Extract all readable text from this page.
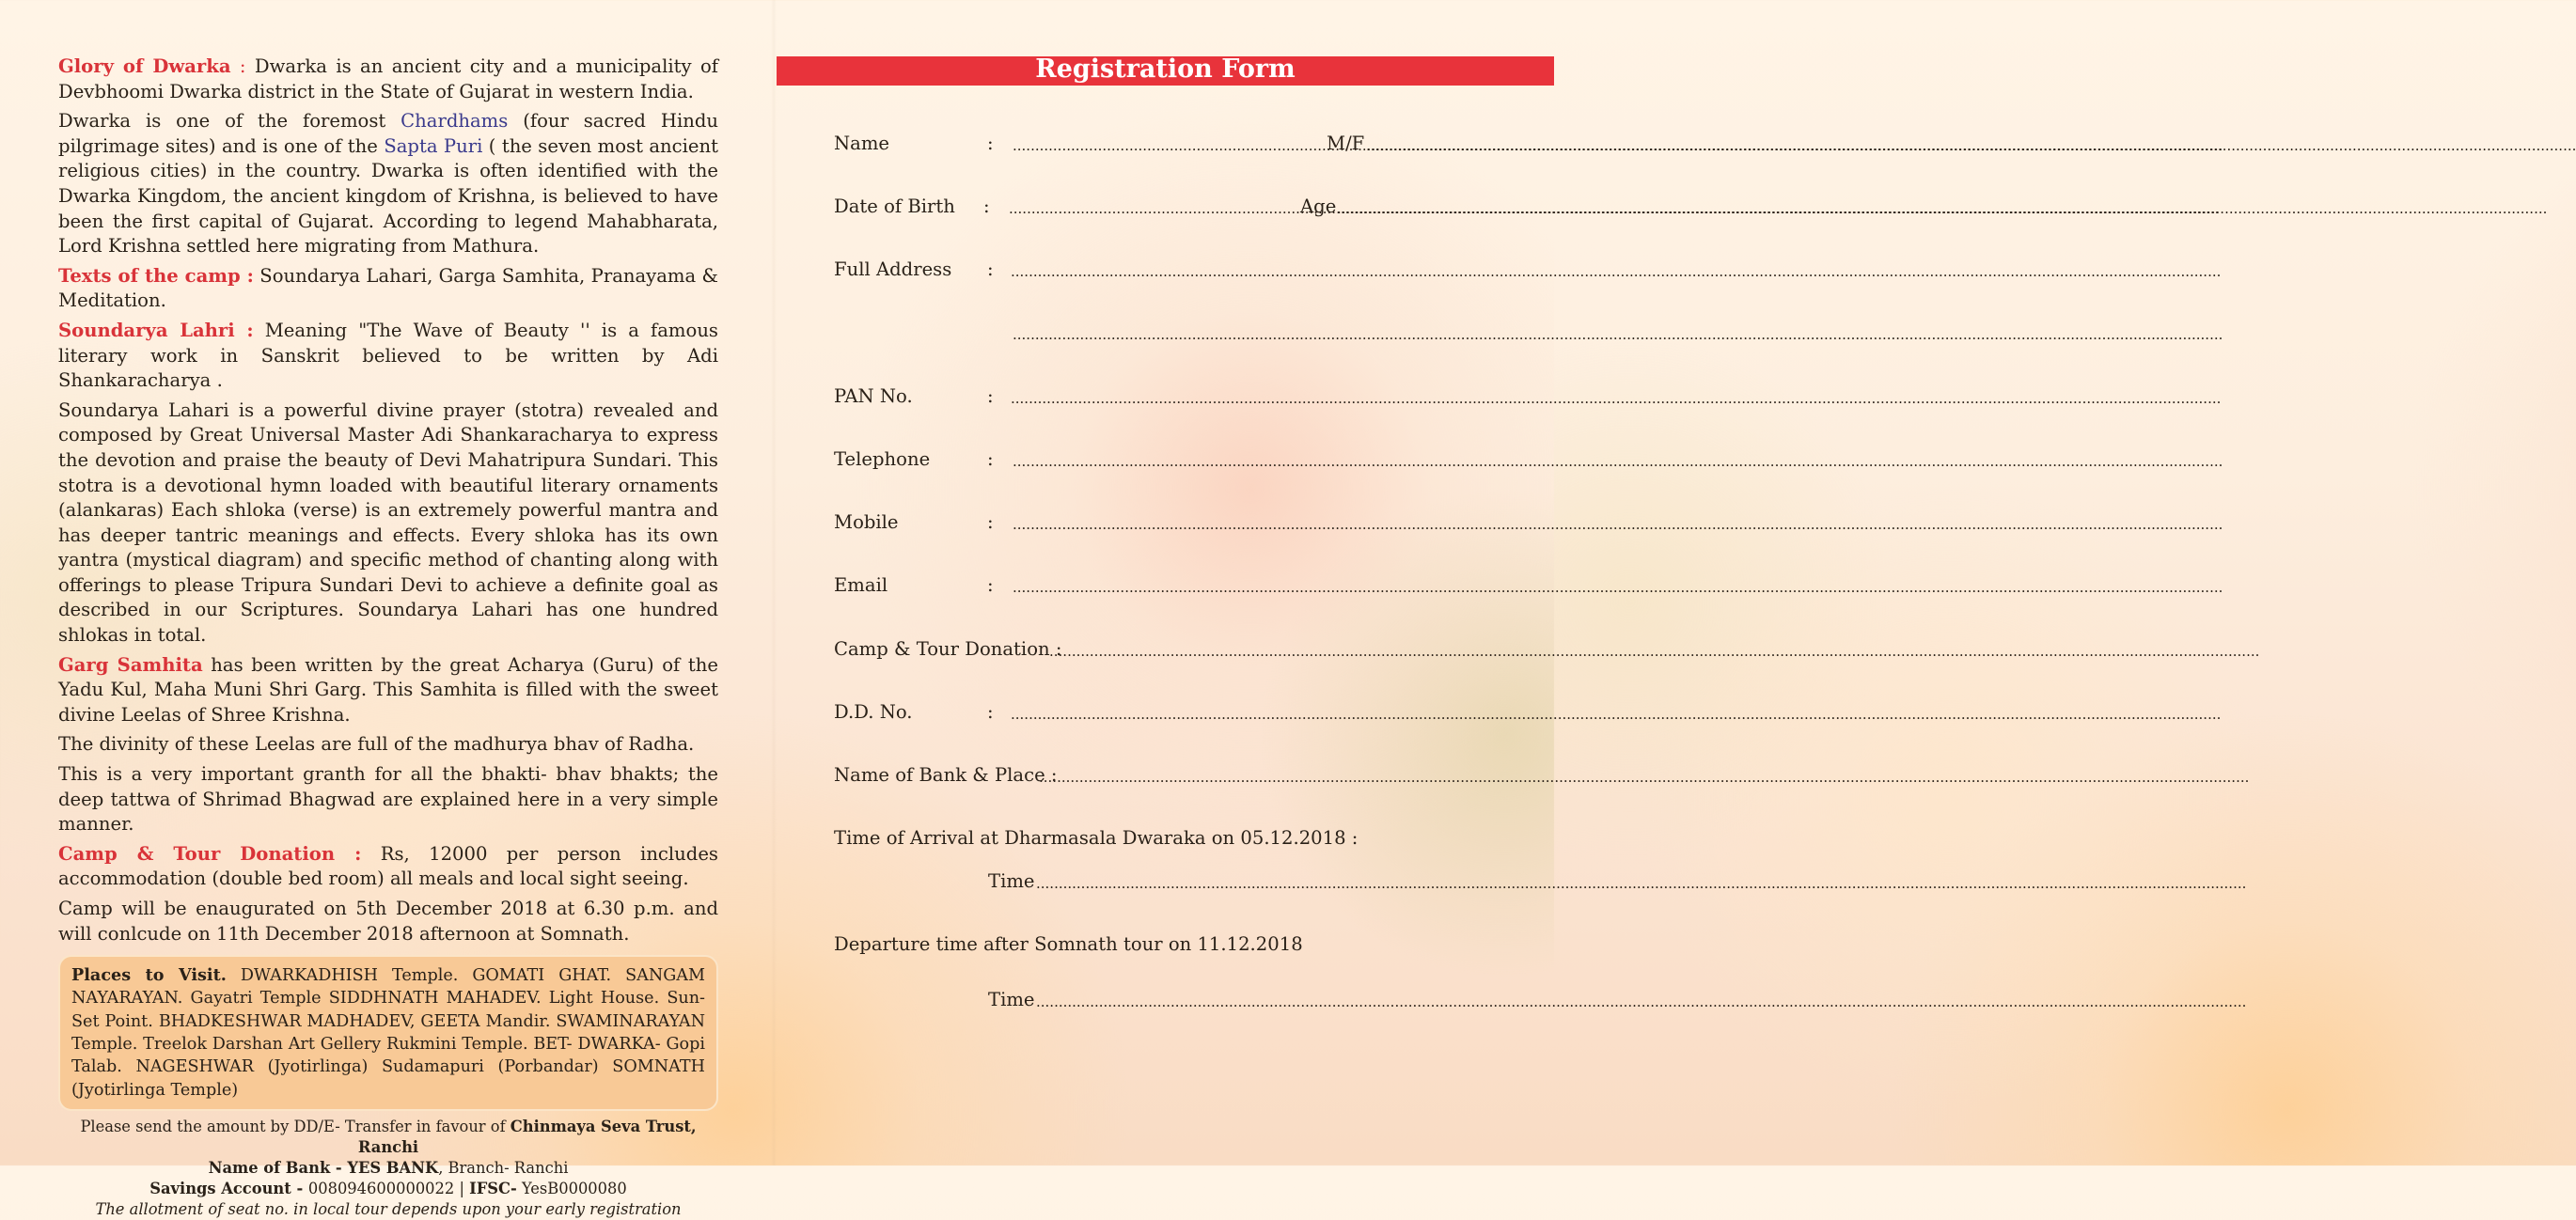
Glory of Dwarka : Dwarka is an ancient city and a municipality of Devbhoomi Dwarka district in the State of Gujarat in western India.

Dwarka is one of the foremost Chardhams (four sacred Hindu pilgrimage sites) and is one of the Sapta Puri ( the seven most ancient religious cities) in the country. Dwarka is often identified with the Dwarka Kingdom, the ancient kingdom of Krishna, is believed to have been the first capital of Gujarat. According to legend Mahabharata, Lord Krishna settled here migrating from Mathura.

Texts of the camp : Soundarya Lahari, Garga Samhita, Pranayama & Meditation.

Soundarya Lahri : Meaning "The Wave of Beauty '' is a famous literary work in Sanskrit believed to be written by Adi Shankaracharya .

Soundarya Lahari is a powerful divine prayer (stotra) revealed and composed by Great Universal Master Adi Shankaracharya to express the devotion and praise the beauty of Devi Mahatripura Sundari. This stotra is a devotional hymn loaded with beautiful literary ornaments (alankaras) Each shloka (verse) is an extremely powerful mantra and has deeper tantric meanings and effects. Every shloka has its own yantra (mystical diagram) and specific method of chanting along with offerings to please Tripura Sundari Devi to achieve a definite goal as described in our Scriptures. Soundarya Lahari has one hundred shlokas in total.

Garg Samhita has been written by the great Acharya (Guru) of the Yadu Kul, Maha Muni Shri Garg. This Samhita is filled with the sweet divine Leelas of Shree Krishna.

The divinity of these Leelas are full of the madhurya bhav of Radha.

This is a very important granth for all the bhakti- bhav bhakts; the deep tattwa of Shrimad Bhagwad are explained here in a very simple manner.

Camp & Tour Donation : Rs, 12000 per person includes accommodation (double bed room) all meals and local sight seeing.

Camp will be enaugurated on 5th December 2018 at 6.30 p.m. and will conlcude on 11th December 2018 afternoon at Somnath.

Places to Visit. DWARKADHISH Temple. GOMATI GHAT. SANGAM NAYARAYAN. Gayatri Temple SIDDHNATH MAHADEV. Light House. Sun- Set Point. BHADKESHWAR MADHADEV, GEETA Mandir. SWAMINARAYAN Temple. Treelok Darshan Art Gellery Rukmini Temple. BET- DWARKA- Gopi Talab. NAGESHWAR (Jyotirlinga) Sudamapuri (Porbandar) SOMNATH (Jyotirlinga Temple)
Please send the amount by DD/E- Transfer in favour of Chinmaya Seva Trust, Ranchi
Name of Bank - YES BANK, Branch- Ranchi
Savings Account - 008094600000022 | IFSC- YesB0000080
The allotment of seat no. in local tour depends upon your early registration
Registration Form
Name	: .....	M/F
.....
Date of Birth : .....	Age
.....
Full Address :
.....
.....
PAN No.	:
.....
Telephone	:
.....
Mobile	:
.....
Email	:
.....
Camp & Tour Donation :
.....
D.D. No.	:
.....
Name of Bank & Place :
.....
Time of Arrival at Dharmasala Dwaraka on 05.12.2018 :
Time
.....
Departure time after Somnath tour on 11.12.2018
Time
.....
